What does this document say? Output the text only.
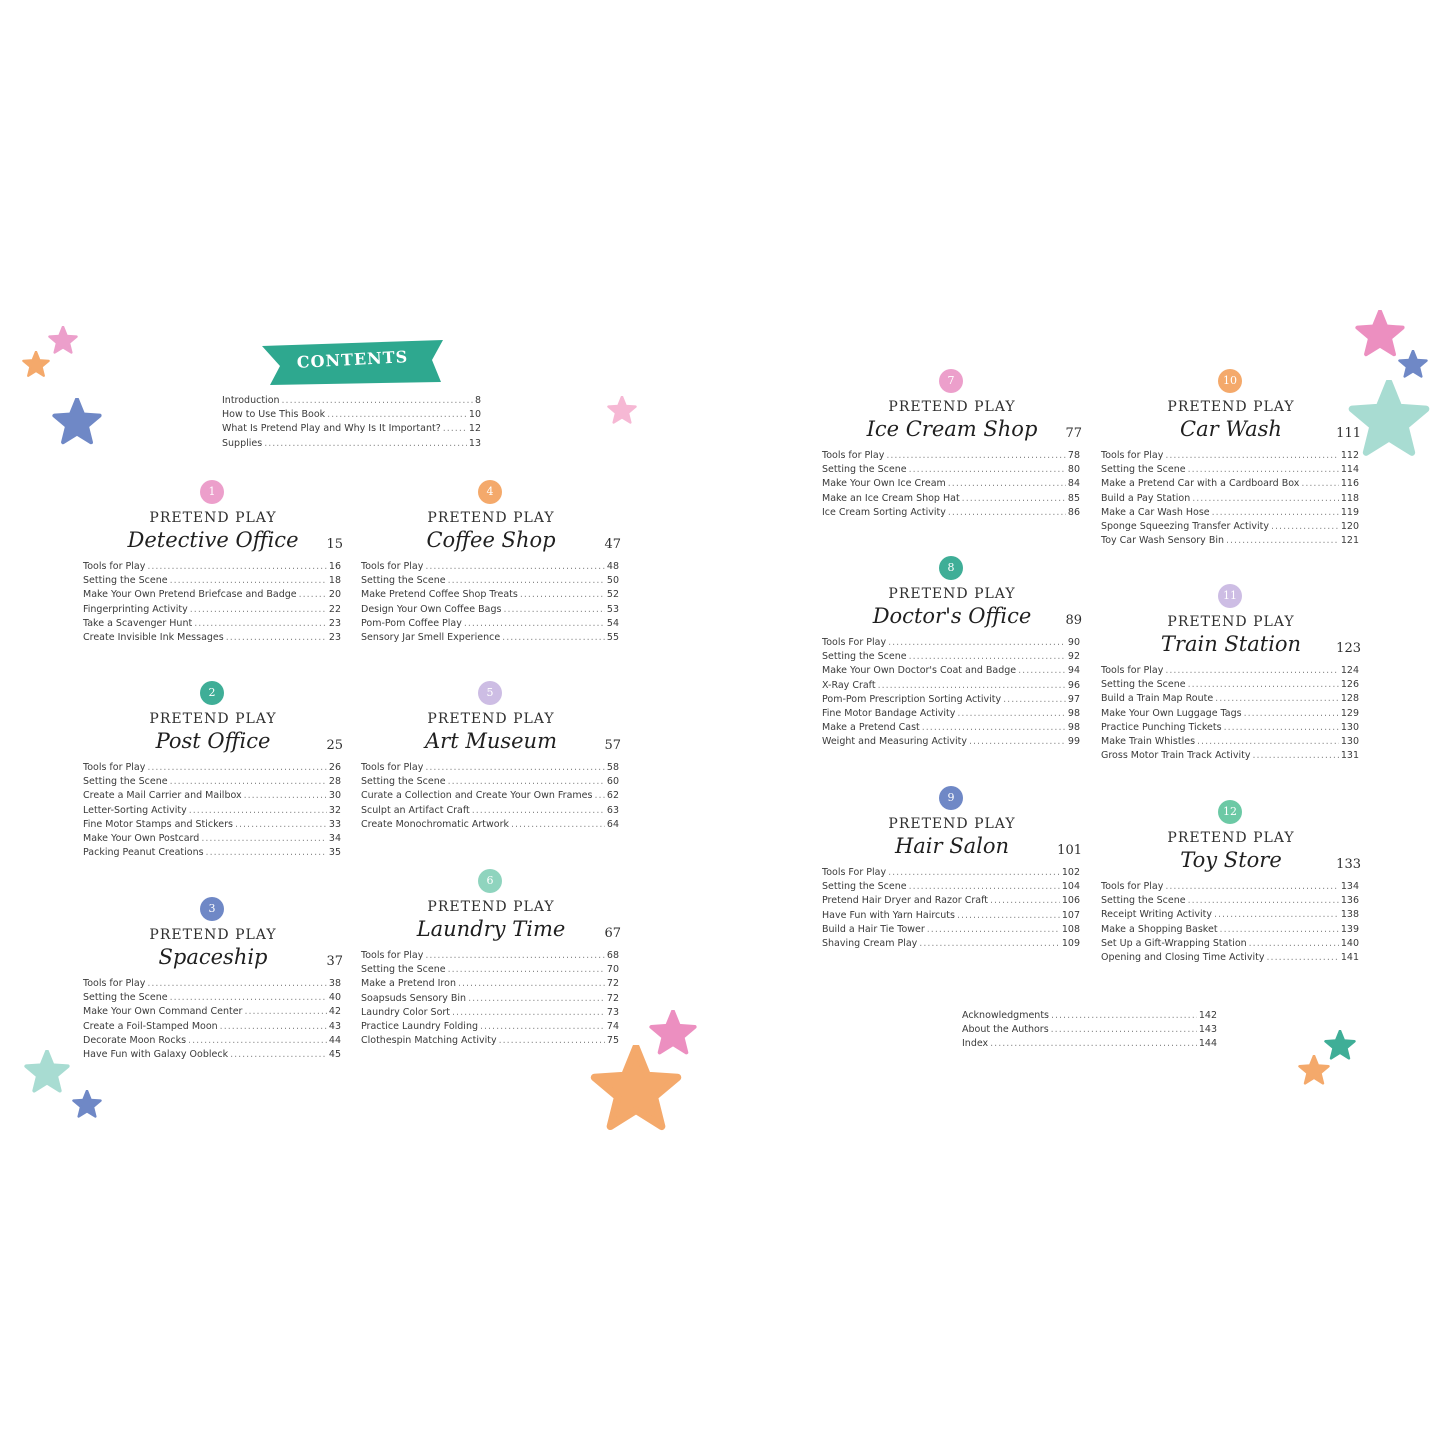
CONTENTS
Introduction .....	8
How to Use This Book .....	10
What Is Pretend Play and Why Is It Important? .....	12
Supplies .....	13
1
PRETEND PLAY
Detective Office	15
Tools for Play .....	16
Setting the Scene .....	18
Make Your Own Pretend Briefcase and Badge .....	20
Fingerprinting Activity .....	22
Take a Scavenger Hunt .....	23
Create Invisible Ink Messages .....	23
4
PRETEND PLAY
Coffee Shop	47
Tools for Play .....	48
Setting the Scene .....	50
Make Pretend Coffee Shop Treats .....	52
Design Your Own Coffee Bags .....	53
Pom-Pom Coffee Play .....	54
Sensory Jar Smell Experience .....	55
2
PRETEND PLAY
Post Office	25
Tools for Play .....	26
Setting the Scene .....	28
Create a Mail Carrier and Mailbox .....	30
Letter-Sorting Activity .....	32
Fine Motor Stamps and Stickers .....	33
Make Your Own Postcard .....	34
Packing Peanut Creations .....	35
5
PRETEND PLAY
Art Museum	57
Tools for Play .....	58
Setting the Scene .....	60
Curate a Collection and Create Your Own Frames ..... 62
Sculpt an Artifact Craft .....	63
Create Monochromatic Artwork .....	64
3
PRETEND PLAY
Spaceship	37
Tools for Play .....	38
Setting the Scene .....	40
Make Your Own Command Center .....	42
Create a Foil-Stamped Moon .....	43
Decorate Moon Rocks .....	44
Have Fun with Galaxy Oobleck .....	45
6
PRETEND PLAY
Laundry Time	67
Tools for Play .....	68
Setting the Scene .....	70
Make a Pretend Iron .....	72
Soapsuds Sensory Bin .....	72
Laundry Color Sort .....	73
Practice Laundry Folding .....	74
Clothespin Matching Activity .....	75
7
PRETEND PLAY
Ice Cream Shop	77
Tools for Play .....	78
Setting the Scene .....	80
Make Your Own Ice Cream .....	84
Make an Ice Cream Shop Hat .....	85
Ice Cream Sorting Activity .....	86
10
PRETEND PLAY
Car Wash	111
Tools for Play .....	112
Setting the Scene .....	114
Make a Pretend Car with a Cardboard Box .....	116
Build a Pay Station .....	118
Make a Car Wash Hose .....	119
Sponge Squeezing Transfer Activity .....	120
Toy Car Wash Sensory Bin .....	121
8
PRETEND PLAY
Doctor's Office	89
Tools For Play .....	90
Setting the Scene .....	92
Make Your Own Doctor's Coat and Badge .....	94
X-Ray Craft .....	96
Pom-Pom Prescription Sorting Activity .....	97
Fine Motor Bandage Activity .....	98
Make a Pretend Cast .....	98
Weight and Measuring Activity .....	99
11
PRETEND PLAY
Train Station	123
Tools for Play .....	124
Setting the Scene .....	126
Build a Train Map Route .....	128
Make Your Own Luggage Tags .....	129
Practice Punching Tickets .....	130
Make Train Whistles .....	130
Gross Motor Train Track Activity .....	131
9
PRETEND PLAY
Hair Salon	101
Tools For Play .....	102
Setting the Scene .....	104
Pretend Hair Dryer and Razor Craft .....	106
Have Fun with Yarn Haircuts .....	107
Build a Hair Tie Tower .....	108
Shaving Cream Play .....	109
12
PRETEND PLAY
Toy Store	133
Tools for Play .....	134
Setting the Scene .....	136
Receipt Writing Activity .....	138
Make a Shopping Basket .....	139
Set Up a Gift-Wrapping Station .....	140
Opening and Closing Time Activity .....	141
Acknowledgments .....	142
About the Authors .....	143
Index .....	144
